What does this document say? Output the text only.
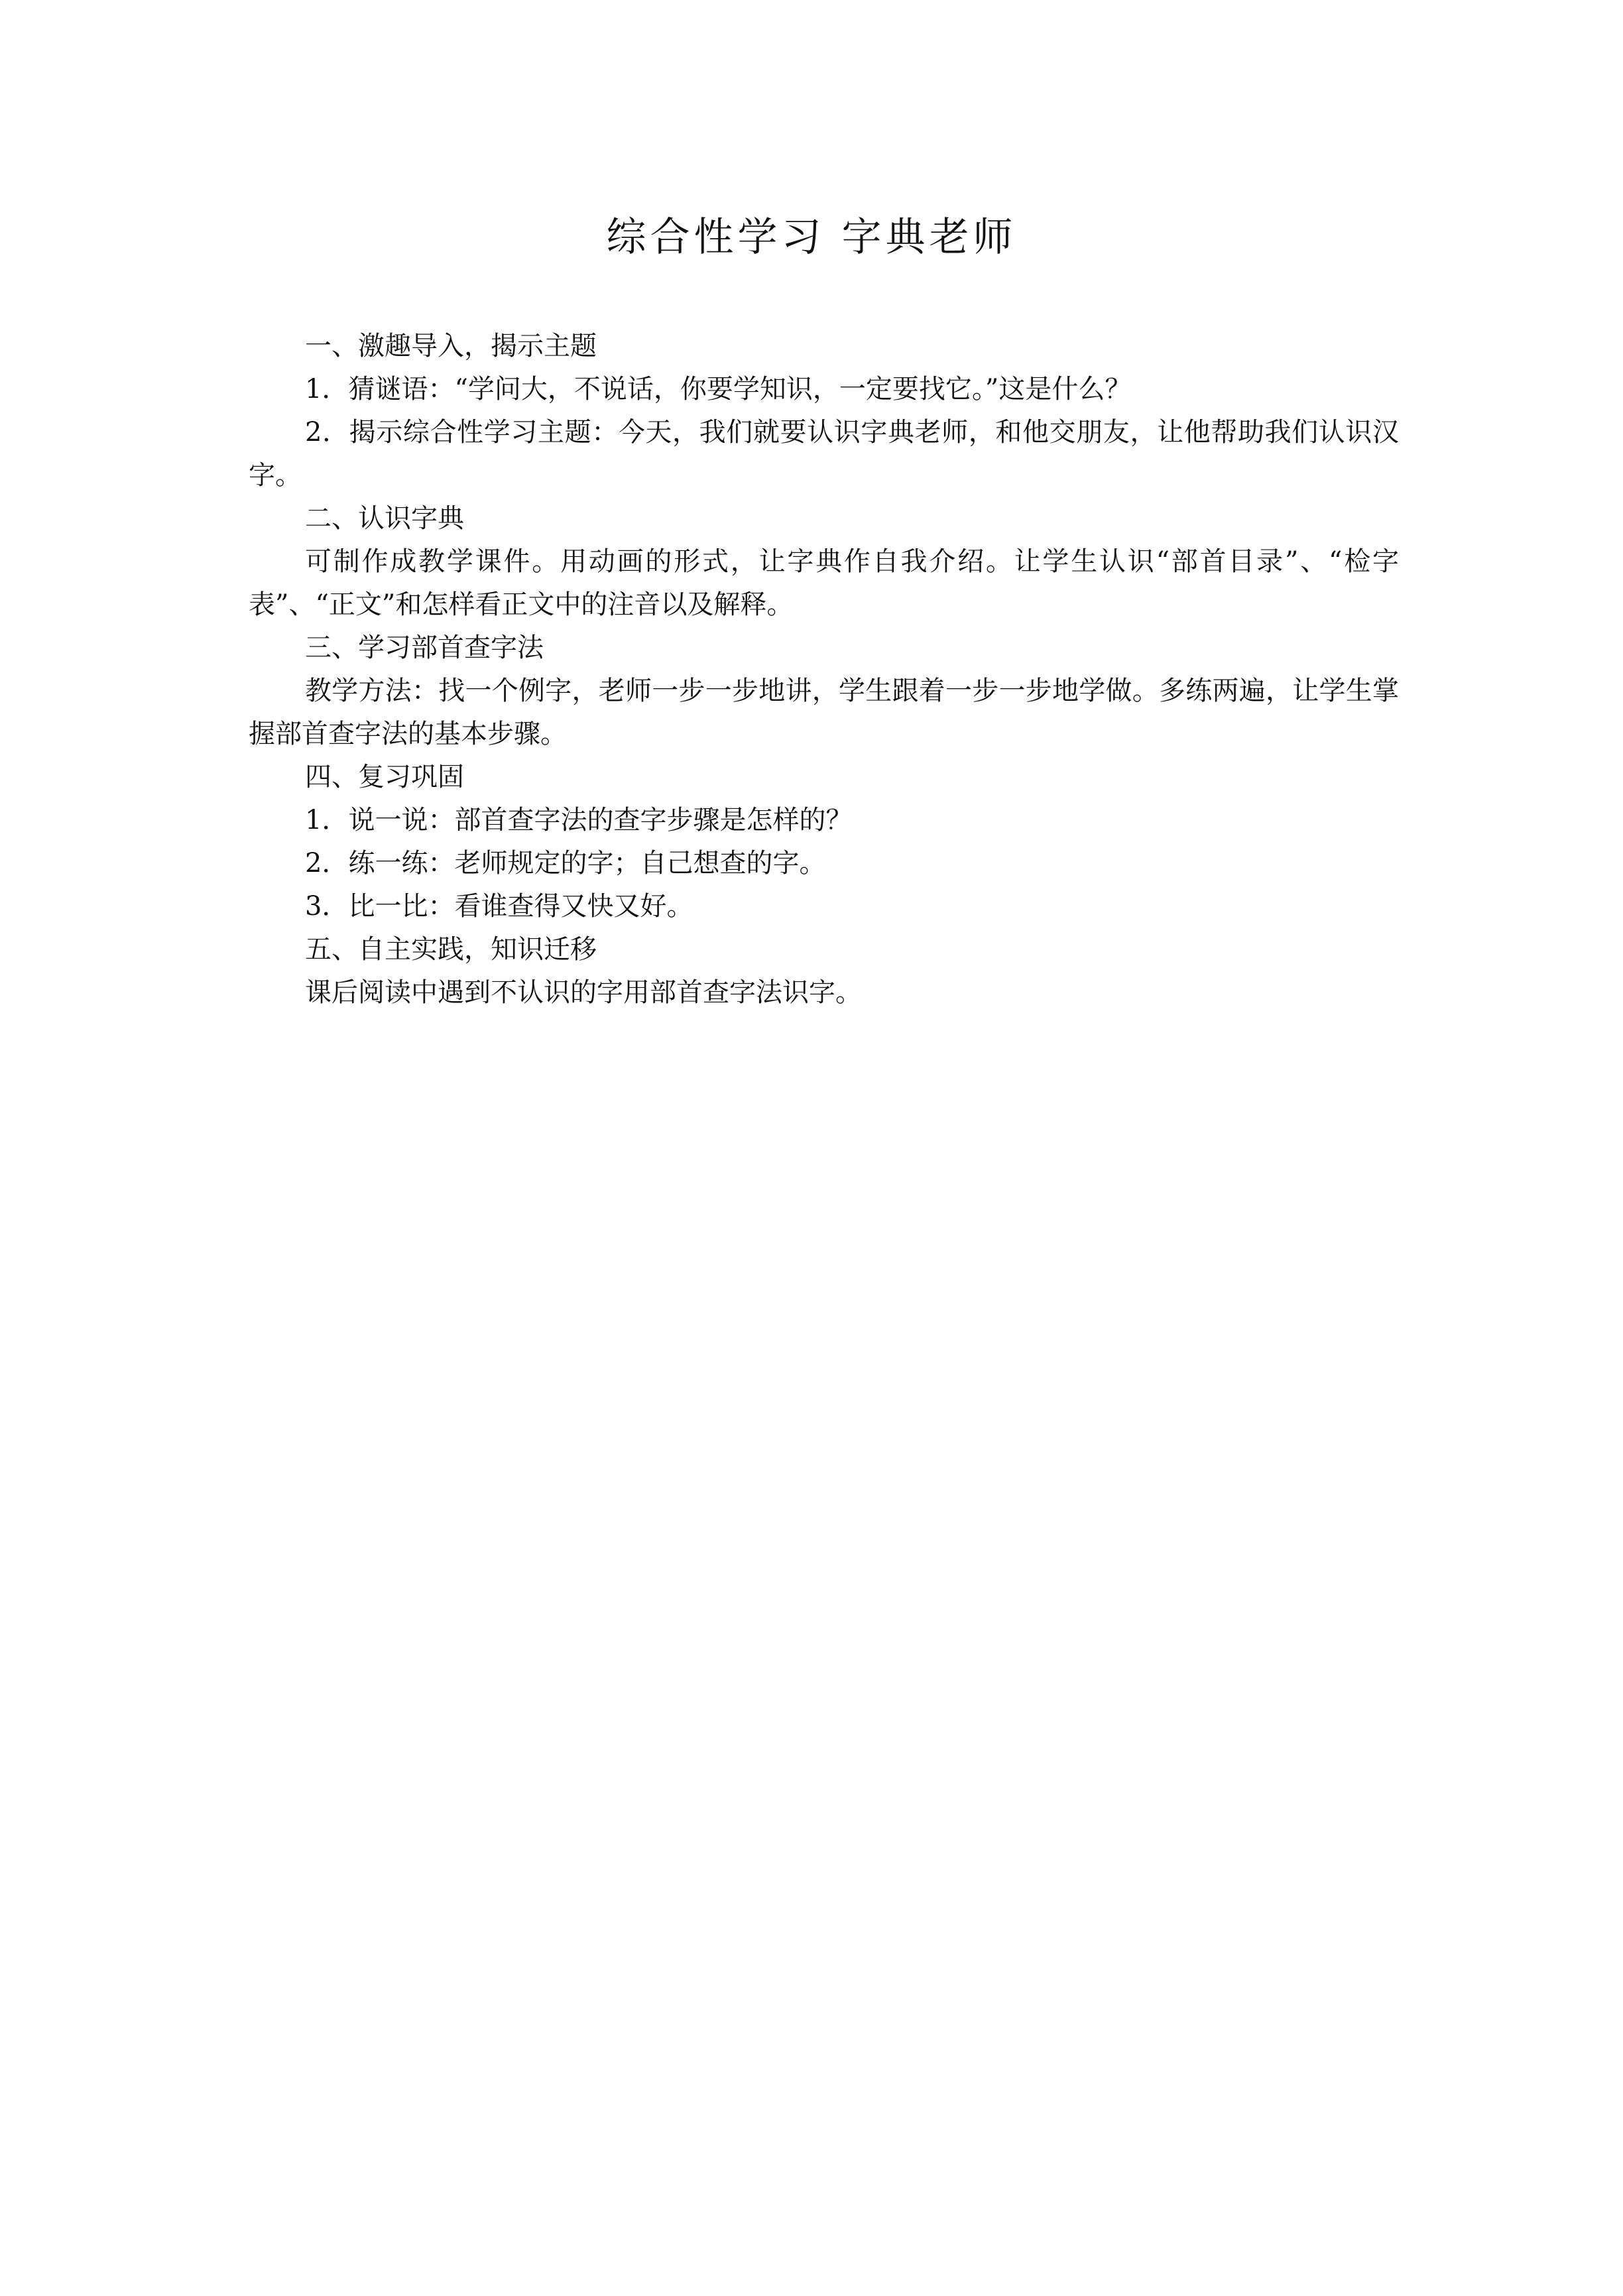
综合性学习 字典老师

一、激趣导入，揭示主题

1．猜谜语：“学问大，不说话，你要学知识，一定要找它。”这是什么？

2．揭示综合性学习主题：今天，我们就要认识字典老师，和他交朋友，让他帮助我们认识汉字。

二、认识字典

可制作成教学课件。用动画的形式，让字典作自我介绍。让学生认识“部首目录”、“检字表”、“正文”和怎样看正文中的注音以及解释。

三、学习部首查字法

教学方法：找一个例字，老师一步一步地讲，学生跟着一步一步地学做。多练两遍，让学生掌握部首查字法的基本步骤。

四、复习巩固

1．说一说：部首查字法的查字步骤是怎样的？

2．练一练：老师规定的字；自己想查的字。

3．比一比：看谁查得又快又好。

五、自主实践，知识迁移

课后阅读中遇到不认识的字用部首查字法识字。
